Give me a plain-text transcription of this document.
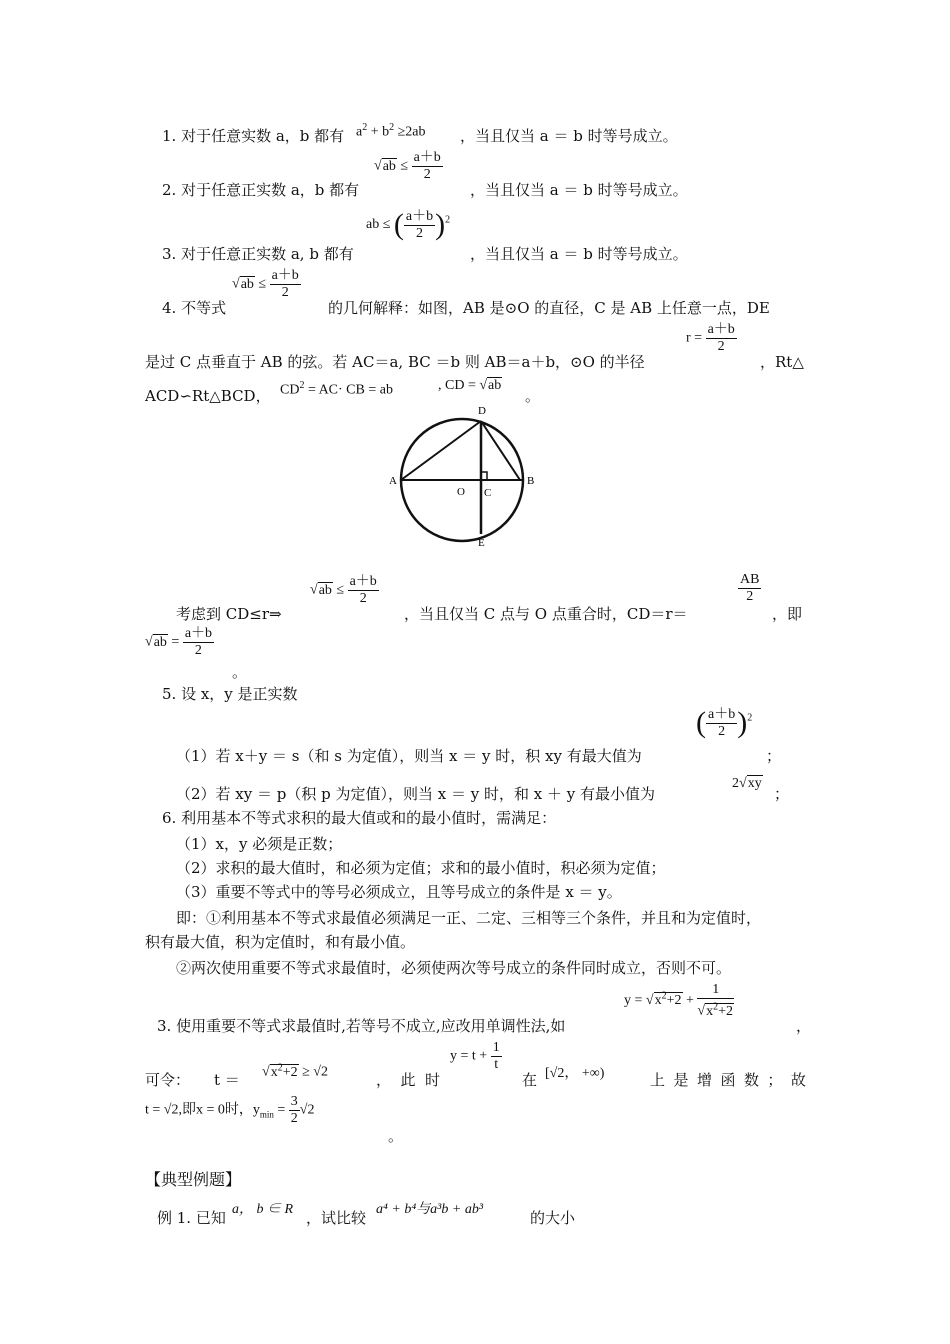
1. 对于任意实数 a，b 都有 $a^2 + b^2 \ge 2ab$ ，当且仅当 a ＝ b 时等号成立。
2. 对于任意正实数 a，b 都有
$√ab \le \frac{a+b}{2}$
，当且仅当 a ＝ b 时等号成立。
3. 对于任意正实数 a, b 都有
ab ≤ ( $\frac{a+b}{2} )^2$
，当且仅当 a ＝ b 时等号成立。
4. 不等式
$√ab \le \frac{a+b}{2}$
的几何解释：如图，AB 是⊙O 的直径，C 是 AB 上任意一点，DE
是过 C 点垂直于 AB 的弦。若 AC＝a, BC ＝b 则 AB＝a＋b，⊙O 的半径
$r = \frac{a+b}{2}$
，Rt△
ACD∽Rt△BCD， $CD^2 = AC\cdot$ CB = ab	, CD = √ab
。
A	B
O C
D
E
考虑到 CD≤r⇒
$√ab \le \frac{a+b}{2}$
，当且仅当 C 点与 O 点重合时，CD＝r＝
$\frac{AB}{2}$
，即
$√ab = \frac{a+b}{2}$
。
5. 设 x，y 是正实数
（1）若 x＋y ＝ s（和 s 为定值），则当 x ＝ y 时，积 xy 有最大值为
( $\frac{a+b}{2} )^2$
；
（2）若 xy ＝ p（积 p 为定值），则当 x ＝ y 时，和 x ＋ y 有最小值为
2√xy
；
6. 利用基本不等式求积的最大值或和的最小值时，需满足：
（1）x，y 必须是正数；
（2）求积的最大值时，和必须为定值；求和的最小值时，积必须为定值；
（3）重要不等式中的等号必须成立，且等号成立的条件是 x ＝ y。
即：①利用基本不等式求最值必须满足一正、二定、三相等三个条件，并且和为定值时，
积有最大值，积为定值时，和有最小值。
②两次使用重要不等式求最值时，必须使两次等号成立的条件同时成立，否则不可。
$y = √x^2+2 + \frac{1}{√x^2+2}$
3. 使用重要不等式求最值时,若等号不成立,应改用单调性法,如	，
可 令： $t = √x^2+2 \ge √2$	， 此 时
$y = t + \frac{1}{t}$
在 [√2， +∞)	上 是 增 函 数 ； 故
t = √2,即x = 0时，$y_{min} = \frac{3}{2} √2$
。
【典型例题】
例 1. 已知 a， b ∈ R ，试比较 a⁴ + b⁴与a³b + ab³	的大小
